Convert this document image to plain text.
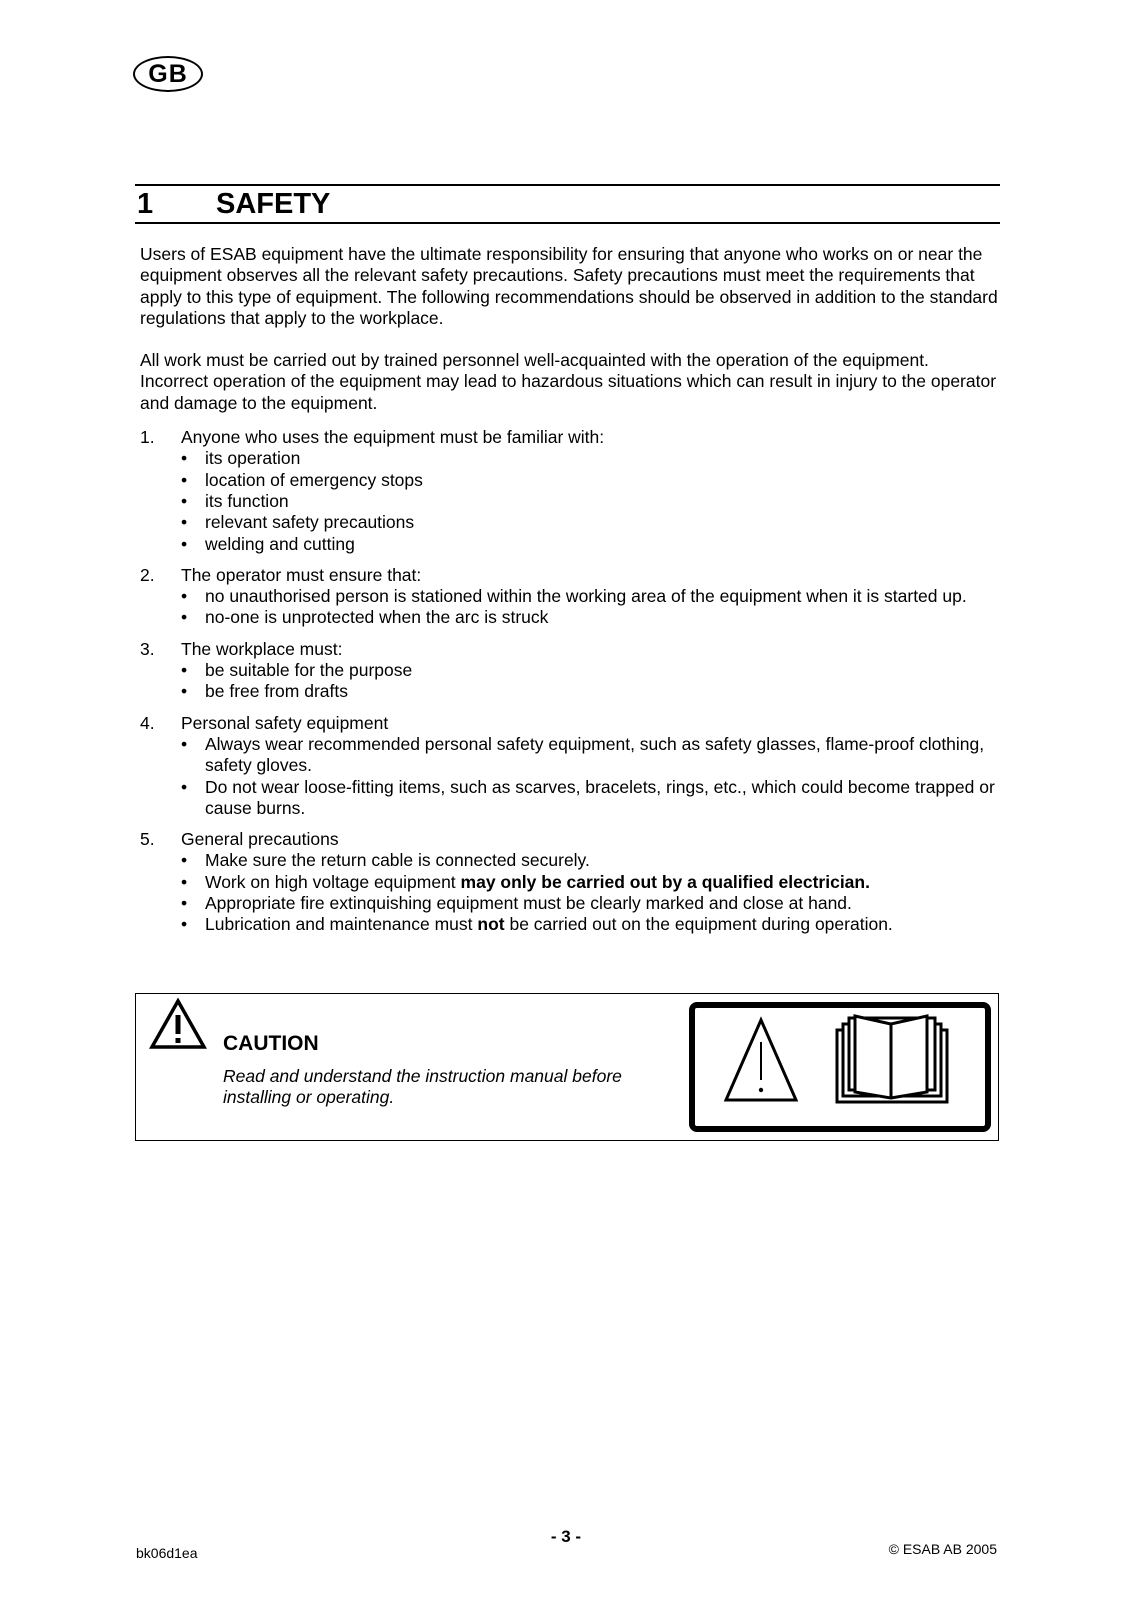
GB
1 SAFETY

Users of ESAB equipment have the ultimate responsibility for ensuring that anyone who works on or near the equipment observes all the relevant safety precautions. Safety precautions must meet the requirements that apply to this type of equipment. The following recommendations should be observed in addition to the standard regulations that apply to the workplace.

All work must be carried out by trained personnel well-acquainted with the operation of the equipment. Incorrect operation of the equipment may lead to hazardous situations which can result in injury to the operator and damage to the equipment.

1. Anyone who uses the equipment must be familiar with:
• its operation
• location of emergency stops
• its function
• relevant safety precautions
• welding and cutting
2. The operator must ensure that:
• no unauthorised person is stationed within the working area of the equipment when it is started up.
• no-one is unprotected when the arc is struck
3. The workplace must:
• be suitable for the purpose
• be free from drafts
4. Personal safety equipment
• Always wear recommended personal safety equipment, such as safety glasses, flame-proof clothing, safety gloves.
• Do not wear loose-fitting items, such as scarves, bracelets, rings, etc., which could become trapped or cause burns.
5. General precautions
• Make sure the return cable is connected securely.
• Work on high voltage equipment may only be carried out by a qualified electrician.
• Appropriate fire extinquishing equipment must be clearly marked and close at hand.
• Lubrication and maintenance must not be carried out on the equipment during operation.
CAUTION
Read and understand the instruction manual before installing or operating.
- 3 -
bk06d1ea	© ESAB AB 2005
